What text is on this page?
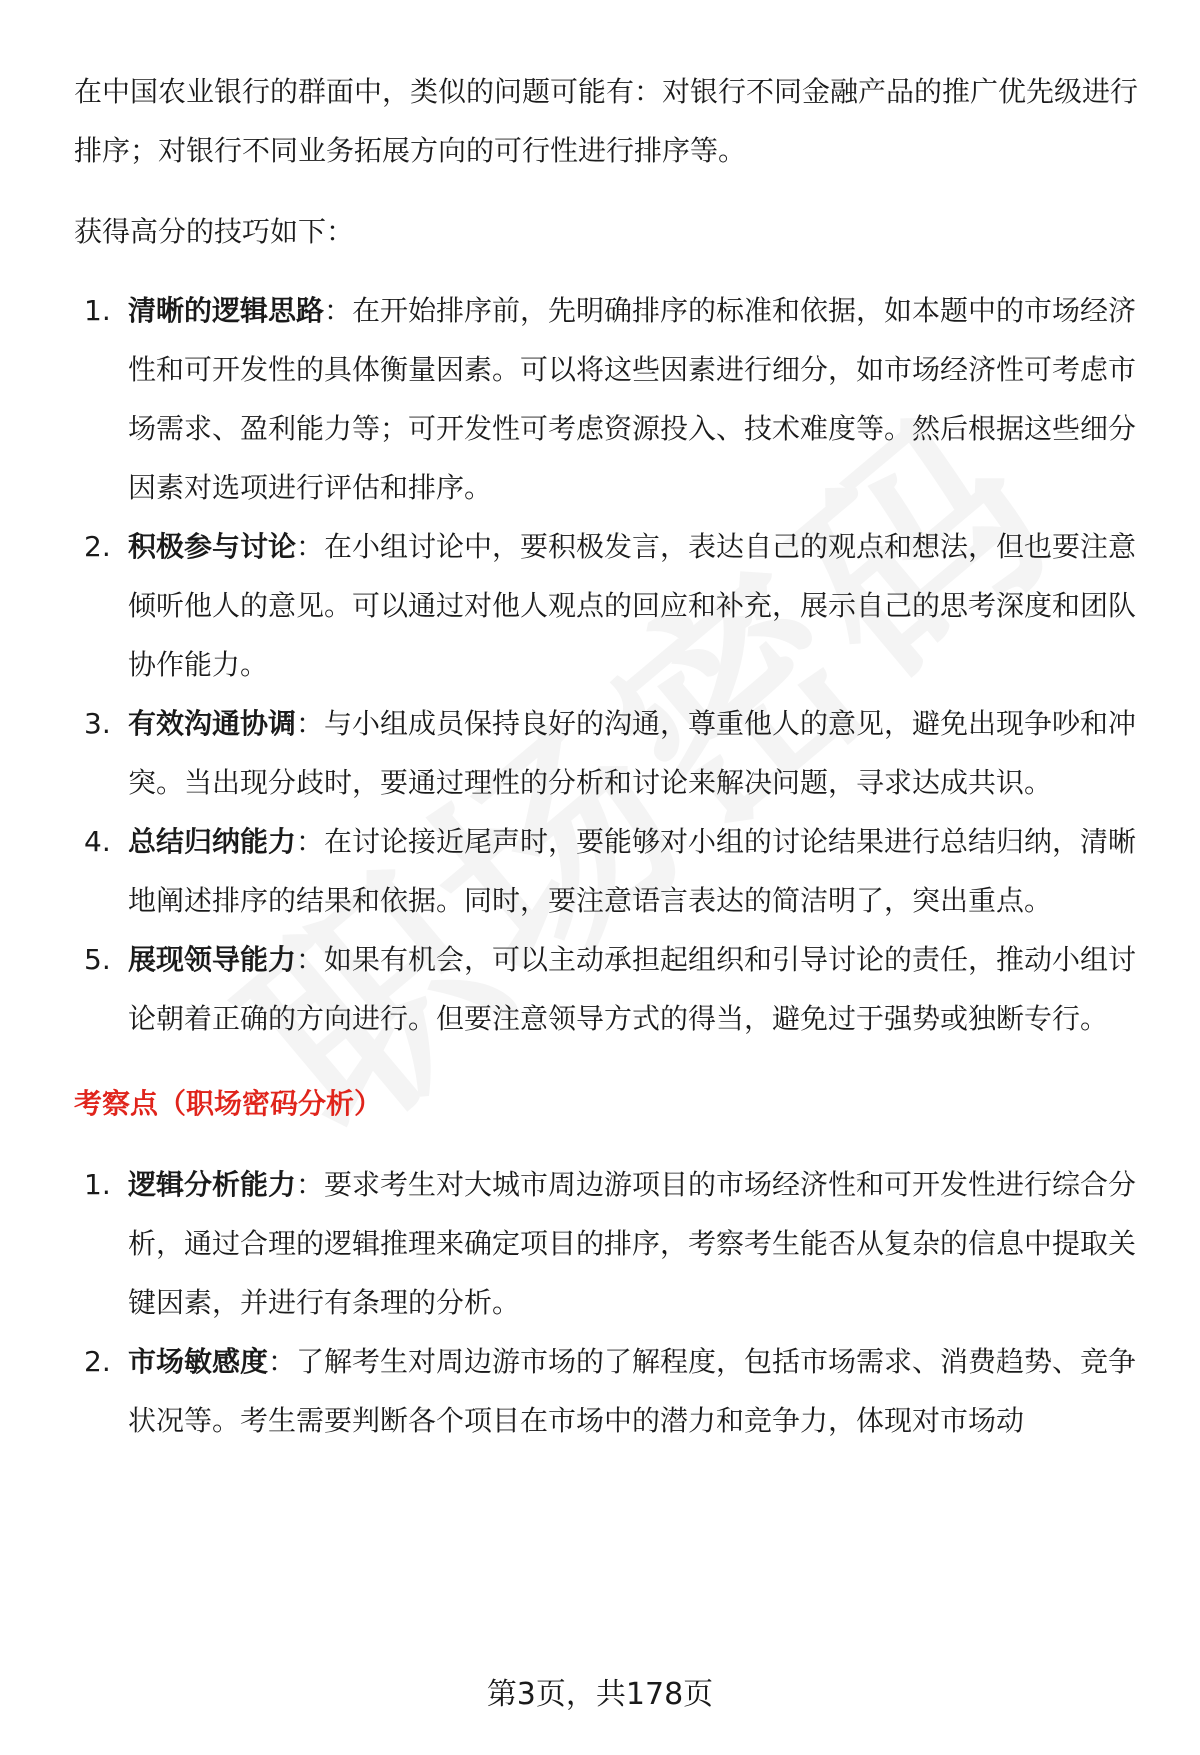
在中国农业银行的群面中，类似的问题可能有：对银行不同金融产品的推广优先级进行排序；对银行不同业务拓展方向的可行性进行排序等。

获得高分的技巧如下：

1. 清晰的逻辑思路：在开始排序前，先明确排序的标准和依据，如本题中的市场经济性和可开发性的具体衡量因素。可以将这些因素进行细分，如市场经济性可考虑市场需求、盈利能力等；可开发性可考虑资源投入、技术难度等。然后根据这些细分因素对选项进行评估和排序。
2. 积极参与讨论：在小组讨论中，要积极发言，表达自己的观点和想法，但也要注意倾听他人的意见。可以通过对他人观点的回应和补充，展示自己的思考深度和团队协作能力。
3. 有效沟通协调：与小组成员保持良好的沟通，尊重他人的意见，避免出现争吵和冲突。当出现分歧时，要通过理性的分析和讨论来解决问题，寻求达成共识。
4. 总结归纳能力：在讨论接近尾声时，要能够对小组的讨论结果进行总结归纳，清晰地阐述排序的结果和依据。同时，要注意语言表达的简洁明了，突出重点。
5. 展现领导能力：如果有机会，可以主动承担起组织和引导讨论的责任，推动小组讨论朝着正确的方向进行。但要注意领导方式的得当，避免过于强势或独断专行。
考察点（职场密码分析）
1. 逻辑分析能力：要求考生对大城市周边游项目的市场经济性和可开发性进行综合分析，通过合理的逻辑推理来确定项目的排序，考察考生能否从复杂的信息中提取关键因素，并进行有条理的分析。
2. 市场敏感度：了解考生对周边游市场的了解程度，包括市场需求、消费趋势、竞争状况等。考生需要判断各个项目在市场中的潜力和竞争力，体现对市场动
第3页，共178页
